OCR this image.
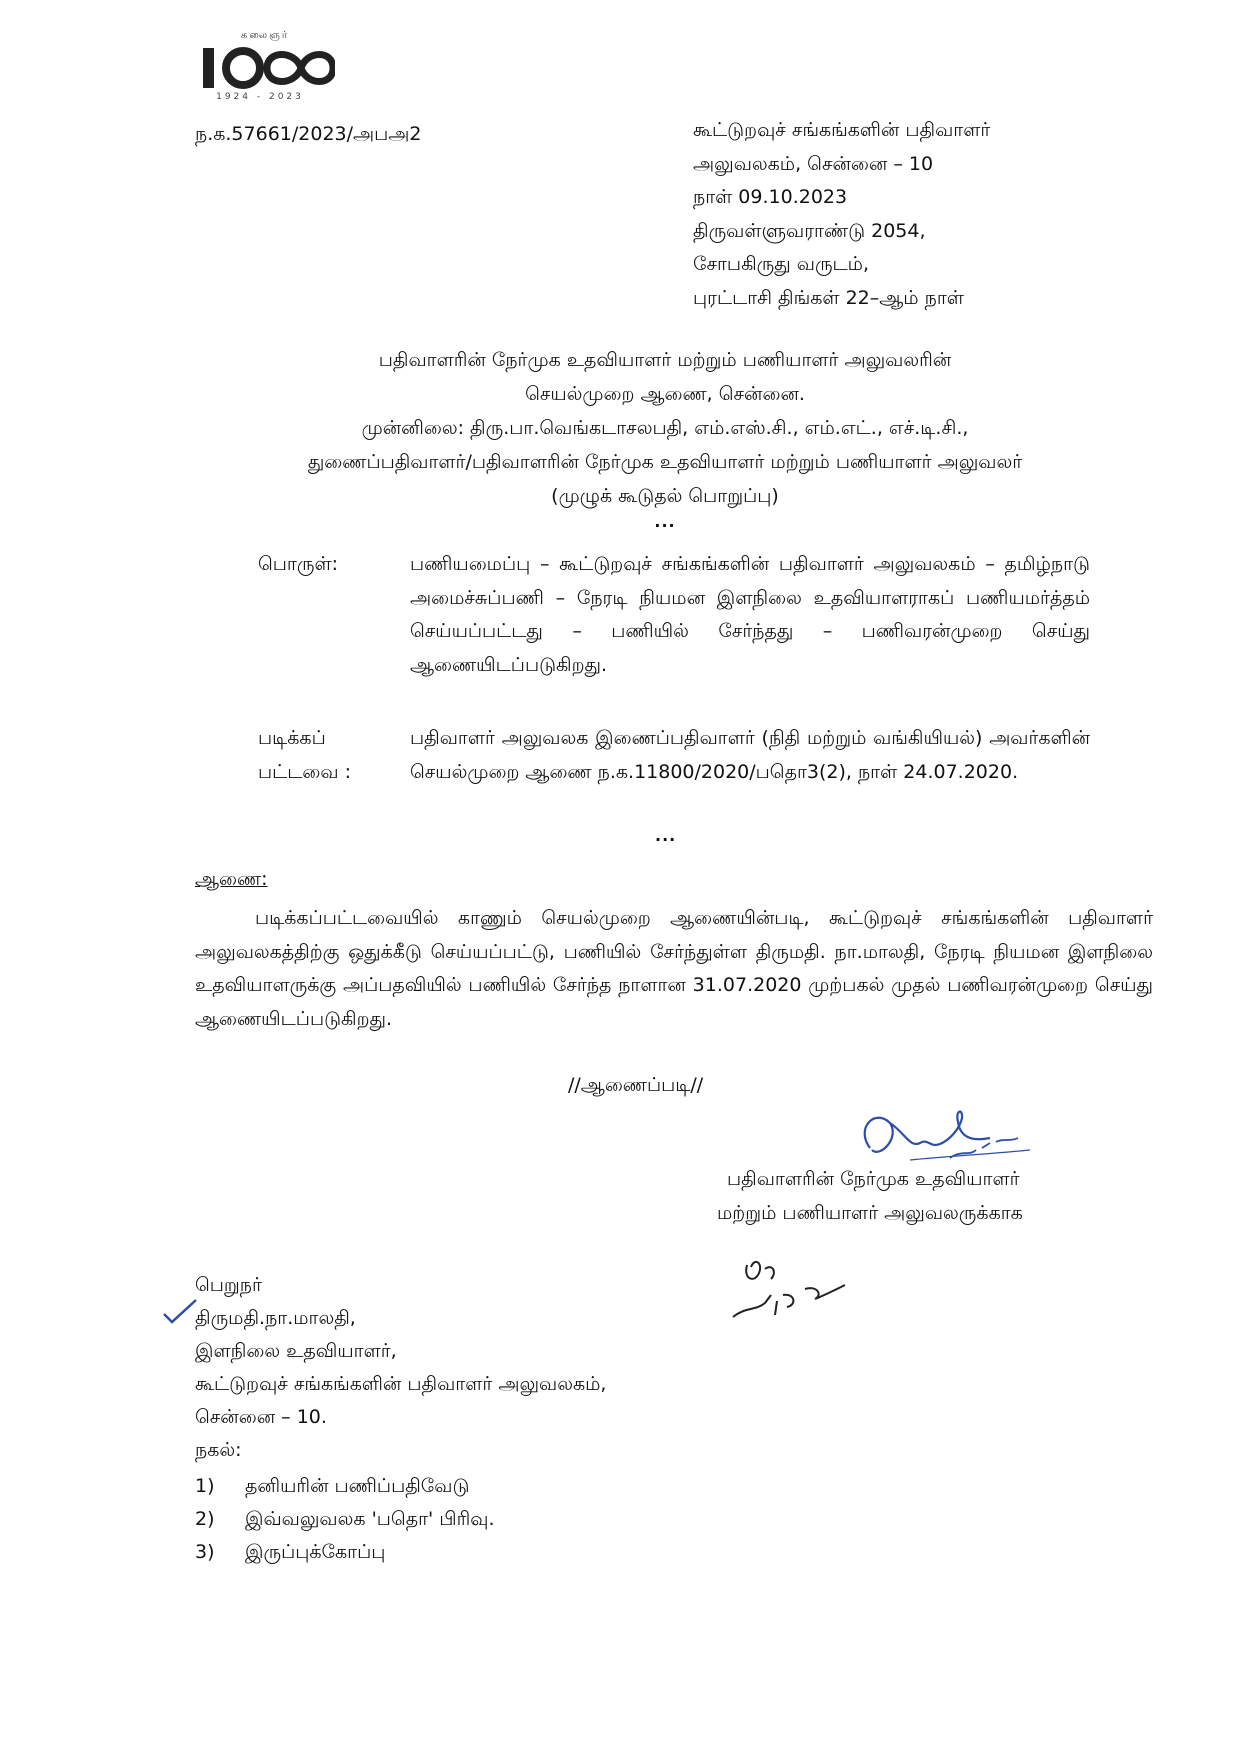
கலைஞர்
1924 - 2023
ந.க.57661/2023/அபஅ2	கூட்டுறவுச் சங்கங்களின் பதிவாளர்
அலுவலகம், சென்னை – 10
நாள் 09.10.2023
திருவள்ளுவராண்டு 2054,
சோபகிருது வருடம்,
புரட்டாசி திங்கள் 22–ஆம் நாள்
பதிவாளரின் நேர்முக உதவியாளர் மற்றும் பணியாளர் அலுவலரின்
செயல்முறை ஆணை, சென்னை.
முன்னிலை: திரு.பா.வெங்கடாசலபதி, எம்.எஸ்.சி., எம்.எட்., எச்.டி.சி.,
துணைப்பதிவாளர்/பதிவாளரின் நேர்முக உதவியாளர் மற்றும் பணியாளர் அலுவலர்
(முழுக் கூடுதல் பொறுப்பு)
...
பொருள்:	பணியமைப்பு – கூட்டுறவுச் சங்கங்களின் பதிவாளர் அலுவலகம் – தமிழ்நாடு அமைச்சுப்பணி – நேரடி நியமன இளநிலை உதவியாளராகப் பணியமர்த்தம் செய்யப்பட்டது – பணியில் சேர்ந்தது – பணிவரன்முறை செய்து ஆணையிடப்படுகிறது.
படிக்கப்
பட்டவை :
பதிவாளர் அலுவலக இணைப்பதிவாளர் (நிதி மற்றும் வங்கியியல்) அவர்களின் செயல்முறை ஆணை ந.க.11800/2020/பதொ3(2), நாள் 24.07.2020.
...
ஆணை:
படிக்கப்பட்டவையில் காணும் செயல்முறை ஆணையின்படி, கூட்டுறவுச் சங்கங்களின் பதிவாளர் அலுவலகத்திற்கு ஒதுக்கீடு செய்யப்பட்டு, பணியில் சேர்ந்துள்ள திருமதி. நா.மாலதி, நேரடி நியமன இளநிலை உதவியாளருக்கு அப்பதவியில் பணியில் சேர்ந்த நாளான 31.07.2020 முற்பகல் முதல் பணிவரன்முறை செய்து ஆணையிடப்படுகிறது.
//ஆணைப்படி//
பதிவாளரின் நேர்முக உதவியாளர்
மற்றும் பணியாளர் அலுவலருக்காக
பெறுநர்
திருமதி.நா.மாலதி,
இளநிலை உதவியாளர்,
கூட்டுறவுச் சங்கங்களின் பதிவாளர் அலுவலகம்,
சென்னை – 10.
நகல்:
1) தனியரின் பணிப்பதிவேடு
2) இவ்வலுவலக 'பதொ' பிரிவு.
3) இருப்புக்கோப்பு
